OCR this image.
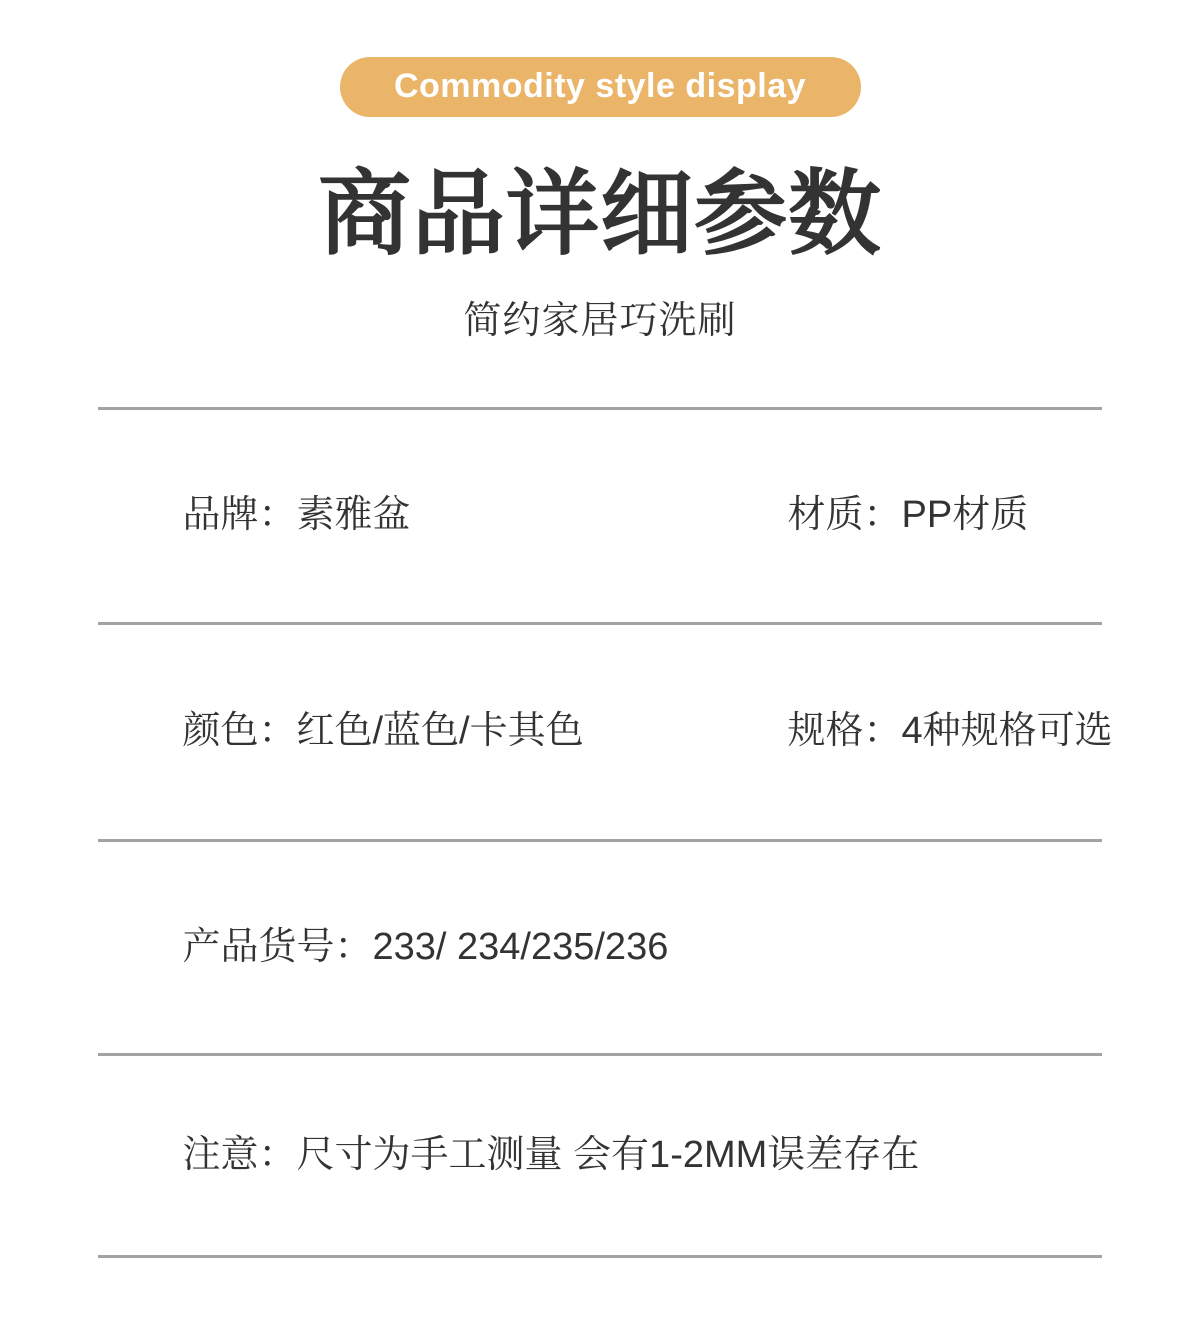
Commodity style display
商品详细参数
简约家居巧洗刷

品牌：素雅盆
	材质：PP材质

颜色：红色/蓝色/卡其色
	规格：4种规格可选

产品货号：233/ 234/235/236

注意：尺寸为手工测量 会有1-2MM误差存在
